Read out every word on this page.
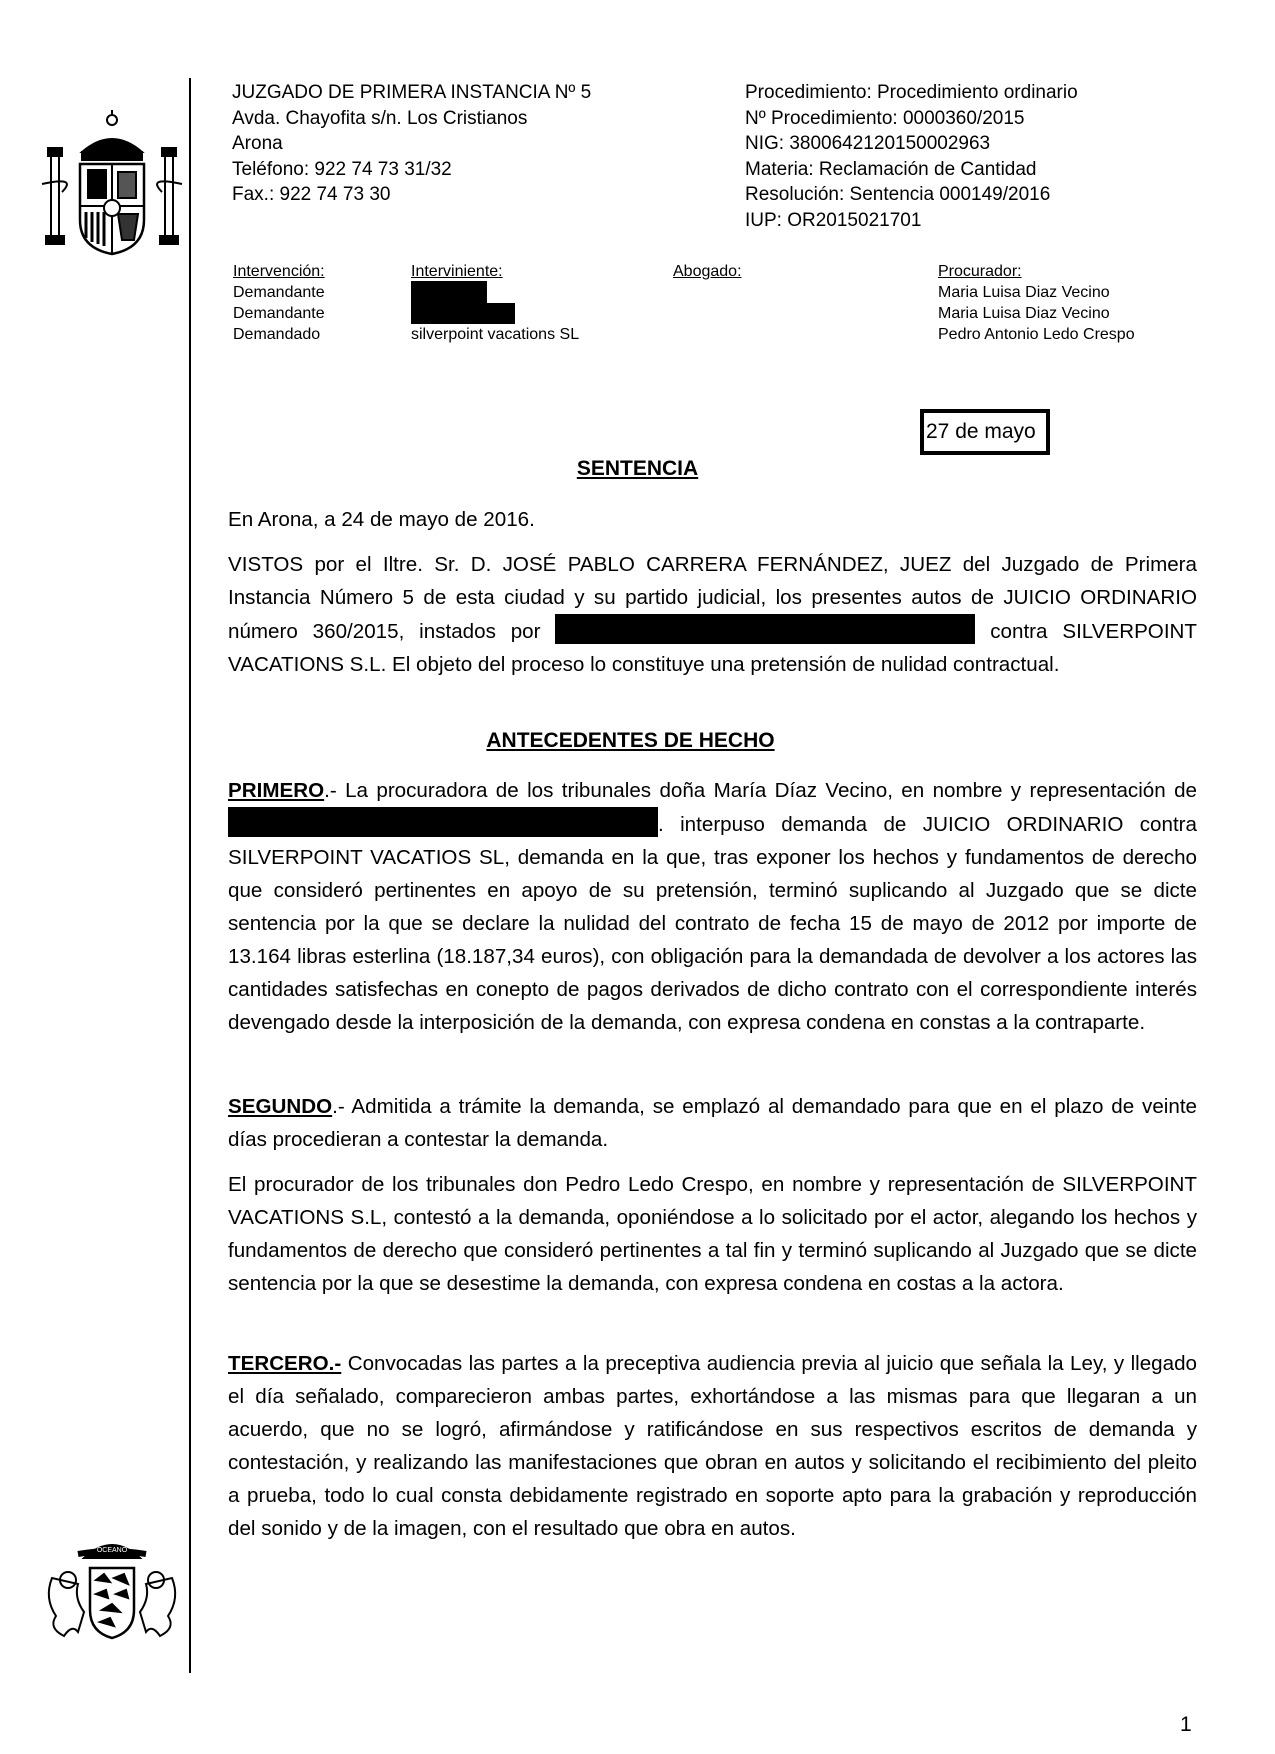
OCEANO
JUZGADO DE PRIMERA INSTANCIA Nº 5
Avda. Chayofita s/n. Los Cristianos
Arona
Teléfono: 922 74 73 31/32
Fax.: 922 74 73 30
Procedimiento: Procedimiento ordinario
Nº Procedimiento: 0000360/2015
NIG: 3800642120150002963
Materia: Reclamación de Cantidad
Resolución: Sentencia 000149/2016
IUP: OR2015021701
Intervención:
Demandante
Demandante
Demandado
Interviniente:
silverpoint vacations SL
Abogado:	Procurador:
Maria Luisa Diaz Vecino
Maria Luisa Diaz Vecino
Pedro Antonio Ledo Crespo
27 de mayo
SENTENCIA
En Arona, a 24 de mayo de 2016.
VISTOS por el Iltre. Sr. D. JOSÉ PABLO CARRERA FERNÁNDEZ, JUEZ del Juzgado de Primera Instancia Número 5 de esta ciudad y su partido judicial, los presentes autos de JUICIO ORDINARIO número 360/2015, instados por	contra SILVERPOINT VACATIONS S.L. El objeto del proceso lo constituye una pretensión de nulidad contractual.
ANTECEDENTES DE HECHO
PRIMERO.- La procuradora de los tribunales doña María Díaz Vecino, en nombre y representación de . interpuso demanda de JUICIO ORDINARIO contra SILVERPOINT VACATIOS SL, demanda en la que, tras exponer los hechos y fundamentos de derecho que consideró pertinentes en apoyo de su pretensión, terminó suplicando al Juzgado que se dicte sentencia por la que se declare la nulidad del contrato de fecha 15 de mayo de 2012 por importe de 13.164 libras esterlina (18.187,34 euros), con obligación para la demandada de devolver a los actores las cantidades satisfechas en conepto de pagos derivados de dicho contrato con el correspondiente interés devengado desde la interposición de la demanda, con expresa condena en constas a la contraparte.
SEGUNDO.- Admitida a trámite la demanda, se emplazó al demandado para que en el plazo de veinte días procedieran a contestar la demanda.
El procurador de los tribunales don Pedro Ledo Crespo, en nombre y representación de SILVERPOINT VACATIONS S.L, contestó a la demanda, oponiéndose a lo solicitado por el actor, alegando los hechos y fundamentos de derecho que consideró pertinentes a tal fin y terminó suplicando al Juzgado que se dicte sentencia por la que se desestime la demanda, con expresa condena en costas a la actora.
TERCERO.- Convocadas las partes a la preceptiva audiencia previa al juicio que señala la Ley, y llegado el día señalado, comparecieron ambas partes, exhortándose a las mismas para que llegaran a un acuerdo, que no se logró, afirmándose y ratificándose en sus respectivos escritos de demanda y contestación, y realizando las manifestaciones que obran en autos y solicitando el recibimiento del pleito a prueba, todo lo cual consta debidamente registrado en soporte apto para la grabación y reproducción del sonido y de la imagen, con el resultado que obra en autos.
1
